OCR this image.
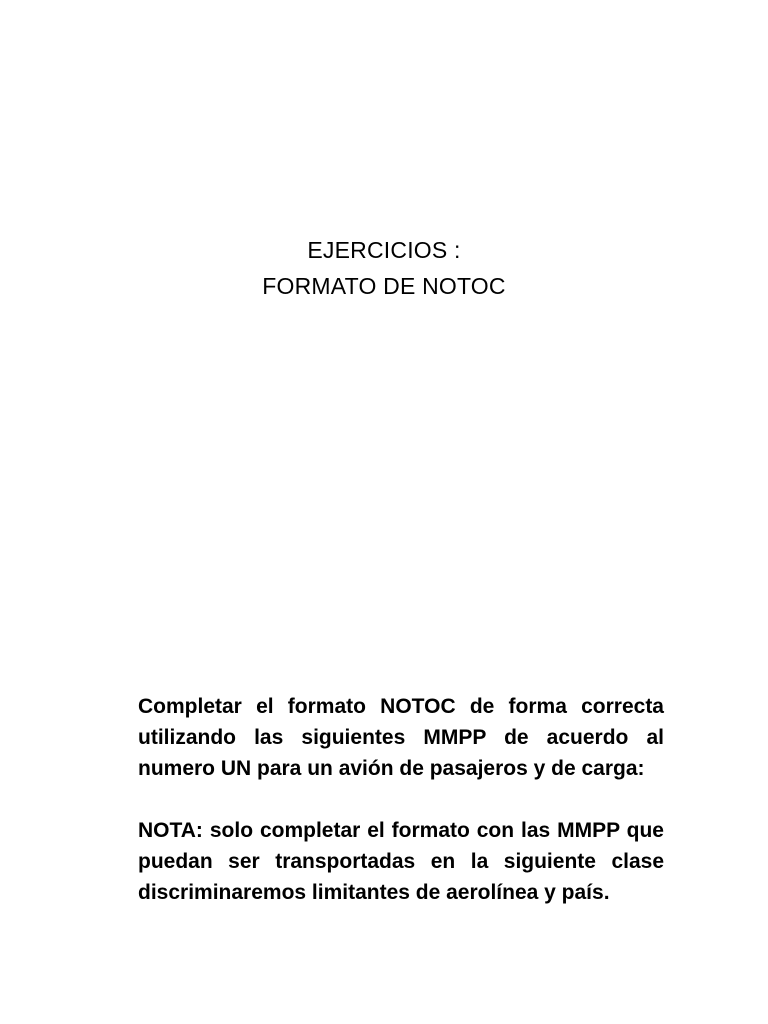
EJERCICIOS :
FORMATO DE NOTOC

Completar el formato NOTOC de forma correcta utilizando las siguientes MMPP de acuerdo al numero UN para un avión de pasajeros y de carga:

NOTA: solo completar el formato con las MMPP que puedan ser transportadas en la siguiente clase discriminaremos limitantes de aerolínea y país.
